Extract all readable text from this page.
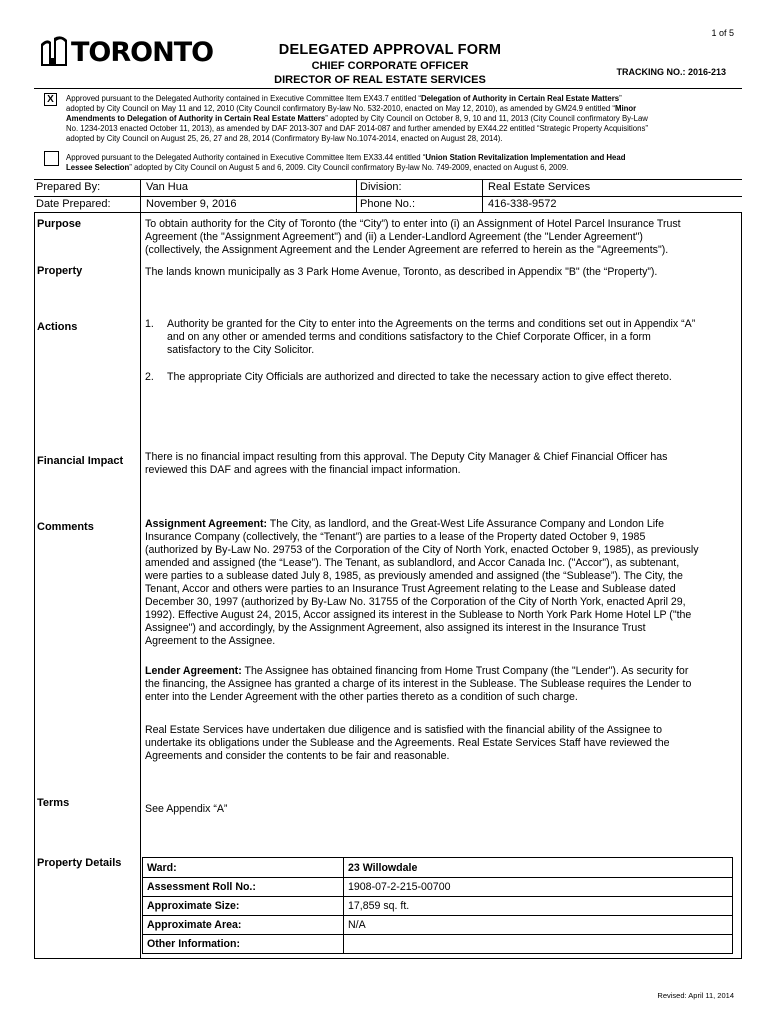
1 of 5
TORONTO	DELEGATED APPROVAL FORM
CHIEF CORPORATE OFFICER
DIRECTOR OF REAL ESTATE SERVICES
TRACKING NO.: 2016-213
X	Approved pursuant to the Delegated Authority contained in Executive Committee Item EX43.7 entitled “Delegation of Authority in Certain Real Estate Matters”
adopted by City Council on May 11 and 12, 2010 (City Council confirmatory By-law No. 532-2010, enacted on May 12, 2010), as amended by GM24.9 entitled “Minor
Amendments to Delegation of Authority in Certain Real Estate Matters” adopted by City Council on October 8, 9, 10 and 11, 2013 (City Council confirmatory By-Law
No. 1234-2013 enacted October 11, 2013), as amended by DAF 2013-307 and DAF 2014-087 and further amended by EX44.22 entitled “Strategic Property Acquisitions”
adopted by City Council on August 25, 26, 27 and 28, 2014 (Confirmatory By-law No.1074-2014, enacted on August 28, 2014).
Approved pursuant to the Delegated Authority contained in Executive Committee Item EX33.44 entitled “Union Station Revitalization Implementation and Head
Lessee Selection” adopted by City Council on August 5 and 6, 2009. City Council confirmatory By-law No. 749-2009, enacted on August 6, 2009.
Prepared By:	Van Hua	Division:	Real Estate Services
Date Prepared:	November 9, 2016	Phone No.:	416-338-9572
Purpose	To obtain authority for the City of Toronto (the “City”) to enter into (i) an Assignment of Hotel Parcel Insurance Trust
Agreement (the "Assignment Agreement") and (ii) a Lender-Landlord Agreement (the "Lender Agreement")
(collectively, the Assignment Agreement and the Lender Agreement are referred to herein as the "Agreements").
Property	The lands known municipally as 3 Park Home Avenue, Toronto, as described in Appendix "B" (the “Property”).
Actions	1. Authority be granted for the City to enter into the Agreements on the terms and conditions set out in Appendix “A”
and on any other or amended terms and conditions satisfactory to the Chief Corporate Officer, in a form
satisfactory to the City Solicitor.
2. The appropriate City Officials are authorized and directed to take the necessary action to give effect thereto.
Financial Impact There is no financial impact resulting from this approval. The Deputy City Manager & Chief Financial Officer has
reviewed this DAF and agrees with the financial impact information.
Comments	Assignment Agreement: The City, as landlord, and the Great-West Life Assurance Company and London Life
Insurance Company (collectively, the “Tenant”) are parties to a lease of the Property dated October 9, 1985
(authorized by By-Law No. 29753 of the Corporation of the City of North York, enacted October 9, 1985), as previously
amended and assigned (the “Lease”). The Tenant, as sublandlord, and Accor Canada Inc. ("Accor"), as subtenant,
were parties to a sublease dated July 8, 1985, as previously amended and assigned (the “Sublease”). The City, the
Tenant, Accor and others were parties to an Insurance Trust Agreement relating to the Lease and Sublease dated
December 30, 1997 (authorized by By-Law No. 31755 of the Corporation of the City of North York, enacted April 29,
1992). Effective August 24, 2015, Accor assigned its interest in the Sublease to North York Park Home Hotel LP ("the
Assignee") and accordingly, by the Assignment Agreement, also assigned its interest in the Insurance Trust
Agreement to the Assignee.
Lender Agreement: The Assignee has obtained financing from Home Trust Company (the "Lender"). As security for
the financing, the Assignee has granted a charge of its interest in the Sublease. The Sublease requires the Lender to
enter into the Lender Agreement with the other parties thereto as a condition of such charge.
Real Estate Services have undertaken due diligence and is satisfied with the financial ability of the Assignee to
undertake its obligations under the Sublease and the Agreements. Real Estate Services Staff have reviewed the
Agreements and consider the contents to be fair and reasonable.
Terms	See Appendix “A”
Property Details Ward:	23 Willowdale
Assessment Roll No.:	1908-07-2-215-00700
Approximate Size:	17,859 sq. ft.
Approximate Area:	N/A
Other Information:	
Revised: April 11, 2014
